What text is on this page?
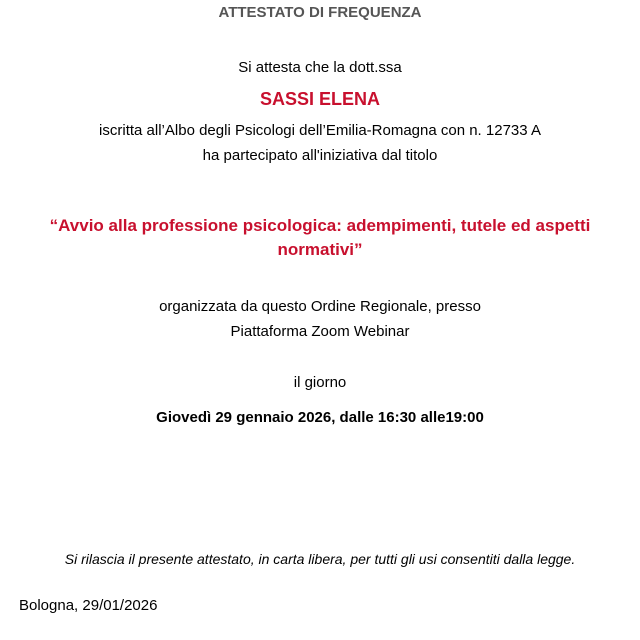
ATTESTATO DI FREQUENZA
Si attesta che la dott.ssa
SASSI ELENA
iscritta all’Albo degli Psicologi dell’Emilia-Romagna con n. 12733 A
ha partecipato all'iniziativa dal titolo
“Avvio alla professione psicologica: adempimenti, tutele ed aspetti normativi”
organizzata da questo Ordine Regionale, presso
Piattaforma Zoom Webinar
il giorno
Giovedì 29 gennaio 2026, dalle 16:30 alle19:00
Si rilascia il presente attestato, in carta libera, per tutti gli usi consentiti dalla legge.
Bologna, 29/01/2026
